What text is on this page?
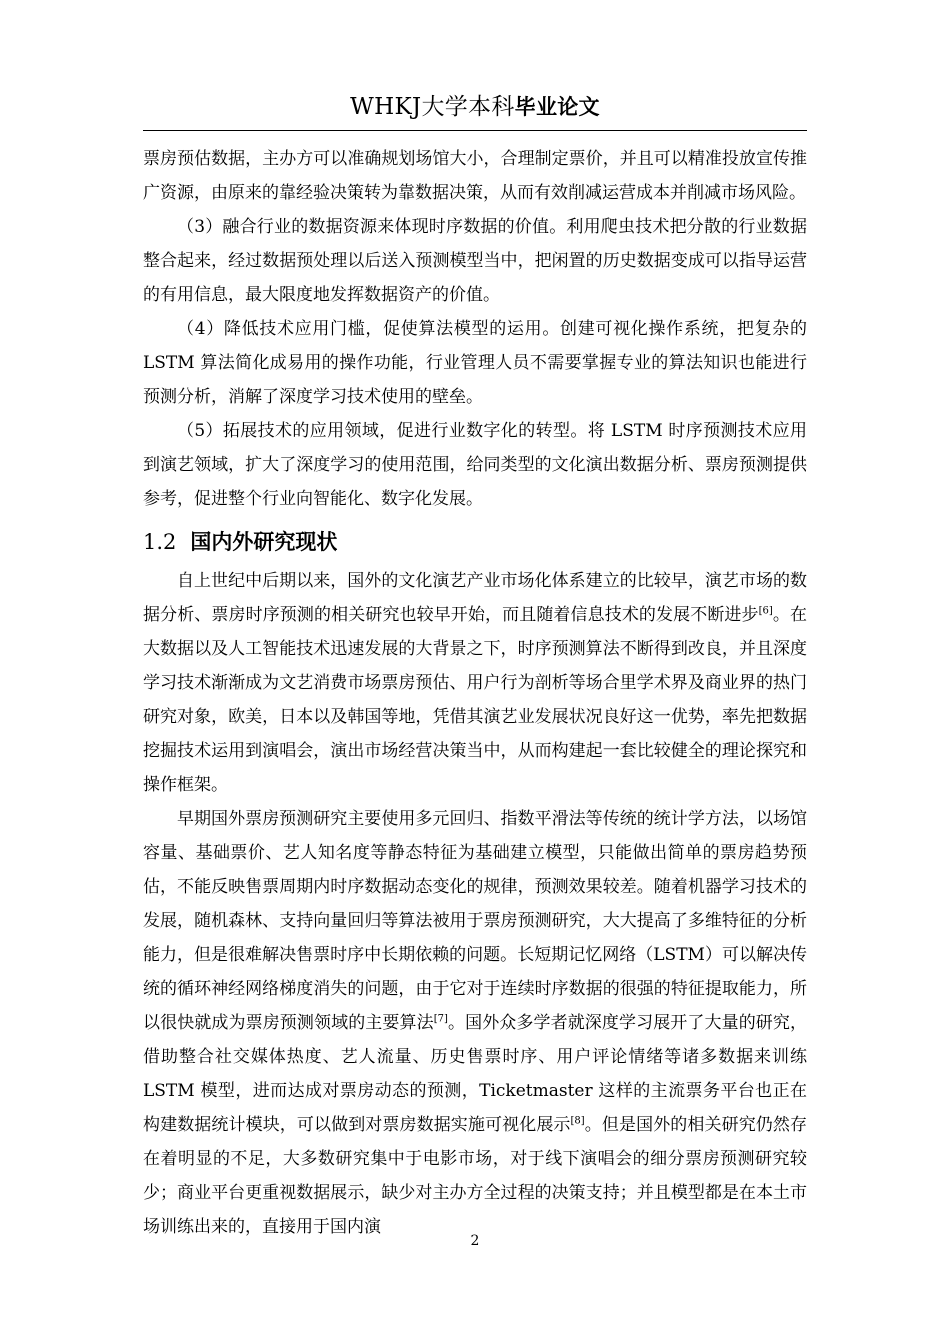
WHKJ大学本科毕业论文

票房预估数据，主办方可以准确规划场馆大小，合理制定票价，并且可以精准投放宣传推广资源，由原来的靠经验决策转为靠数据决策，从而有效削减运营成本并削减市场风险。

（3）融合行业的数据资源来体现时序数据的价值。利用爬虫技术把分散的行业数据整合起来，经过数据预处理以后送入预测模型当中，把闲置的历史数据变成可以指导运营的有用信息，最大限度地发挥数据资产的价值。

（4）降低技术应用门槛，促使算法模型的运用。创建可视化操作系统，把复杂的 LSTM 算法简化成易用的操作功能，行业管理人员不需要掌握专业的算法知识也能进行预测分析，消解了深度学习技术使用的壁垒。

（5）拓展技术的应用领域，促进行业数字化的转型。将 LSTM 时序预测技术应用到演艺领域，扩大了深度学习的使用范围，给同类型的文化演出数据分析、票房预测提供参考，促进整个行业向智能化、数字化发展。

1.2 国内外研究现状

自上世纪中后期以来，国外的文化演艺产业市场化体系建立的比较早，演艺市场的数据分析、票房时序预测的相关研究也较早开始，而且随着信息技术的发展不断进步[6]。在大数据以及人工智能技术迅速发展的大背景之下，时序预测算法不断得到改良，并且深度学习技术渐渐成为文艺消费市场票房预估、用户行为剖析等场合里学术界及商业界的热门研究对象，欧美，日本以及韩国等地，凭借其演艺业发展状况良好这一优势，率先把数据挖掘技术运用到演唱会，演出市场经营决策当中，从而构建起一套比较健全的理论探究和操作框架。

早期国外票房预测研究主要使用多元回归、指数平滑法等传统的统计学方法，以场馆容量、基础票价、艺人知名度等静态特征为基础建立模型，只能做出简单的票房趋势预估，不能反映售票周期内时序数据动态变化的规律，预测效果较差。随着机器学习技术的发展，随机森林、支持向量回归等算法被用于票房预测研究，大大提高了多维特征的分析能力，但是很难解决售票时序中长期依赖的问题。长短期记忆网络（LSTM）可以解决传统的循环神经网络梯度消失的问题，由于它对于连续时序数据的很强的特征提取能力，所以很快就成为票房预测领域的主要算法[7]。国外众多学者就深度学习展开了大量的研究，借助整合社交媒体热度、艺人流量、历史售票时序、用户评论情绪等诸多数据来训练 LSTM 模型，进而达成对票房动态的预测，Ticketmaster 这样的主流票务平台也正在构建数据统计模块，可以做到对票房数据实施可视化展示[8]。但是国外的相关研究仍然存在着明显的不足，大多数研究集中于电影市场，对于线下演唱会的细分票房预测研究较少；商业平台更重视数据展示，缺少对主办方全过程的决策支持；并且模型都是在本土市场训练出来的，直接用于国内演

2
